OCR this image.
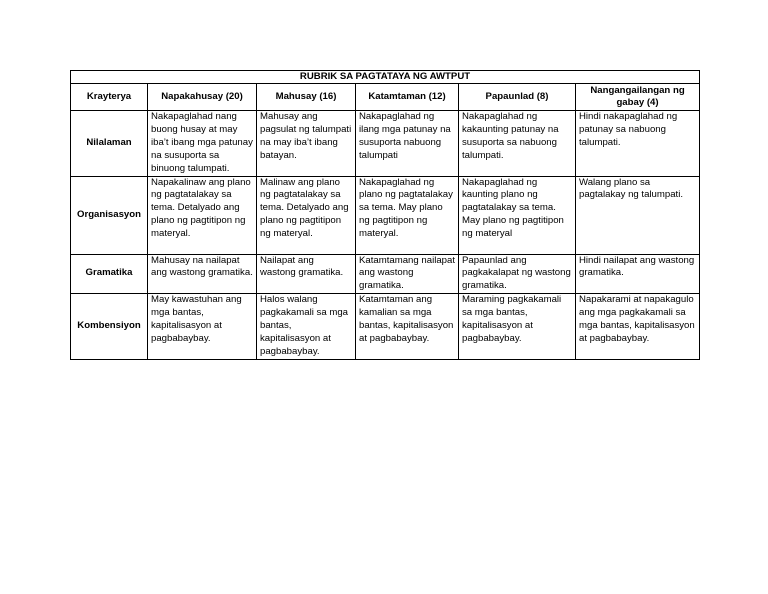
RUBRIK SA PAGTATAYA NG AWTPUT					
Krayterya	Napakahusay (20)	Mahusay (16)	Katamtaman (12)	Papaunlad (8)	Nangangailangan ng gabay (4)
Nilalaman	Nakapaglahad nang buong husay at may iba’t ibang mga patunay na susuporta sa binuong talumpati.	Mahusay ang pagsulat ng talumpati na may iba’t ibang batayan.	Nakapaglahad ng ilang mga patunay na susuporta nabuong talumpati	Nakapaglahad ng kakaunting patunay na susuporta sa nabuong talumpati.	Hindi nakapaglahad ng patunay sa nabuong talumpati.
Organisasyon	Napakalinaw ang plano ng pagtatalakay sa tema. Detalyado ang plano ng pagtitipon ng materyal.	Malinaw ang plano ng pagtatalakay sa tema. Detalyado ang plano ng pagtitipon ng materyal.	Nakapaglahad ng plano ng pagtatalakay sa tema. May plano ng pagtitipon ng materyal.	Nakapaglahad ng kaunting plano ng pagtatalakay sa tema. May plano ng pagtitipon ng materyal	Walang plano sa pagtalakay ng talumpati.
Gramatika	Mahusay na nailapat ang wastong gramatika.	Nailapat ang wastong gramatika.	Katamtamang nailapat ang wastong gramatika.	Papaunlad ang pagkakalapat ng wastong gramatika.	Hindi nailapat ang wastong gramatika.
Kombensiyon	May kawastuhan ang mga bantas, kapitalisasyon at pagbabaybay.	Halos walang pagkakamali sa mga bantas, kapitalisasyon at pagbabaybay.	Katamtaman ang kamalian sa mga bantas, kapitalisasyon at pagbabaybay.	Maraming pagkakamali sa mga bantas, kapitalisasyon at pagbabaybay.	Napakarami at napakagulo ang mga pagkakamali sa mga bantas, kapitalisasyon at pagbabaybay.
